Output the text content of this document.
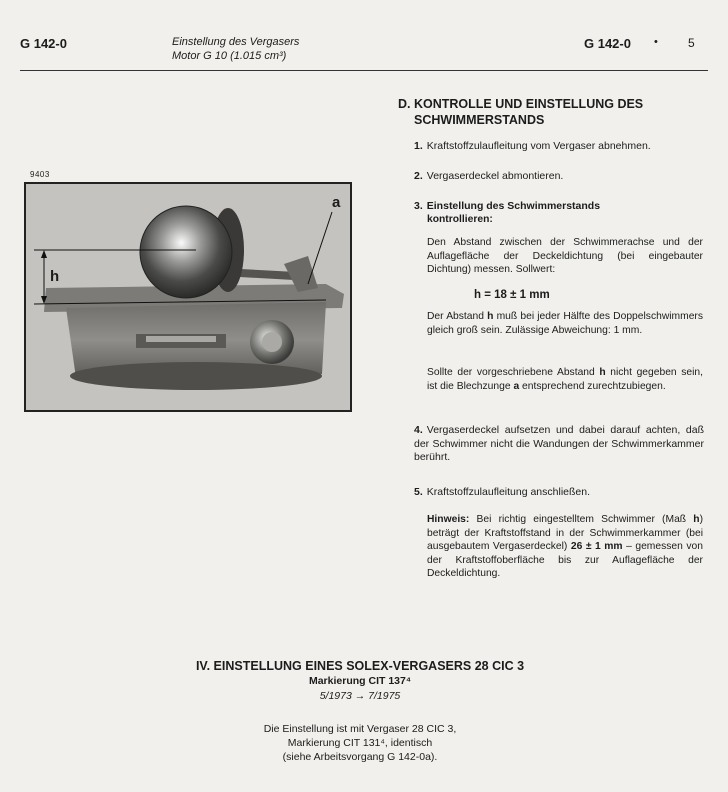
G 142-0	Einstellung des Vergasers
Motor G 10 (1.015 cm³)
G 142-0 •	5
D. KONTROLLE UND EINSTELLUNG DES
SCHWIMMERSTANDS
9403
h
a
1. Kraftstoffzulaufleitung vom Vergaser abnehmen.
2. Vergaserdeckel abmontieren.
3. Einstellung des Schwimmerstands
kontrollieren:
Den Abstand zwischen der Schwimmerachse und der Auflagefläche der Deckeldichtung (bei eingebauter Dichtung) messen. Sollwert:
h = 18 ± 1 mm
Der Abstand h muß bei jeder Hälfte des Doppelschwimmers gleich groß sein. Zulässige Abweichung: 1 mm.
Sollte der vorgeschriebene Abstand h nicht gegeben sein, ist die Blechzunge a entsprechend zurechtzubiegen.
4. Vergaserdeckel aufsetzen und dabei darauf achten, daß der Schwimmer nicht die Wandungen der Schwimmerkammer berührt.
5. Kraftstoffzulaufleitung anschließen.
Hinweis: Bei richtig eingestelltem Schwimmer (Maß h) beträgt der Kraftstoffstand in der Schwimmerkammer (bei ausgebautem Vergaserdeckel) 26 ± 1 mm – gemessen von der Kraftstoffoberfläche bis zur Auflagefläche der Deckeldichtung.
IV. EINSTELLUNG EINES SOLEX-VERGASERS 28 CIC 3
Markierung CIT 137⁴
5/1973 → 7/1975
Die Einstellung ist mit Vergaser 28 CIC 3,
Markierung CIT 131⁴, identisch
(siehe Arbeitsvorgang G 142-0a).
